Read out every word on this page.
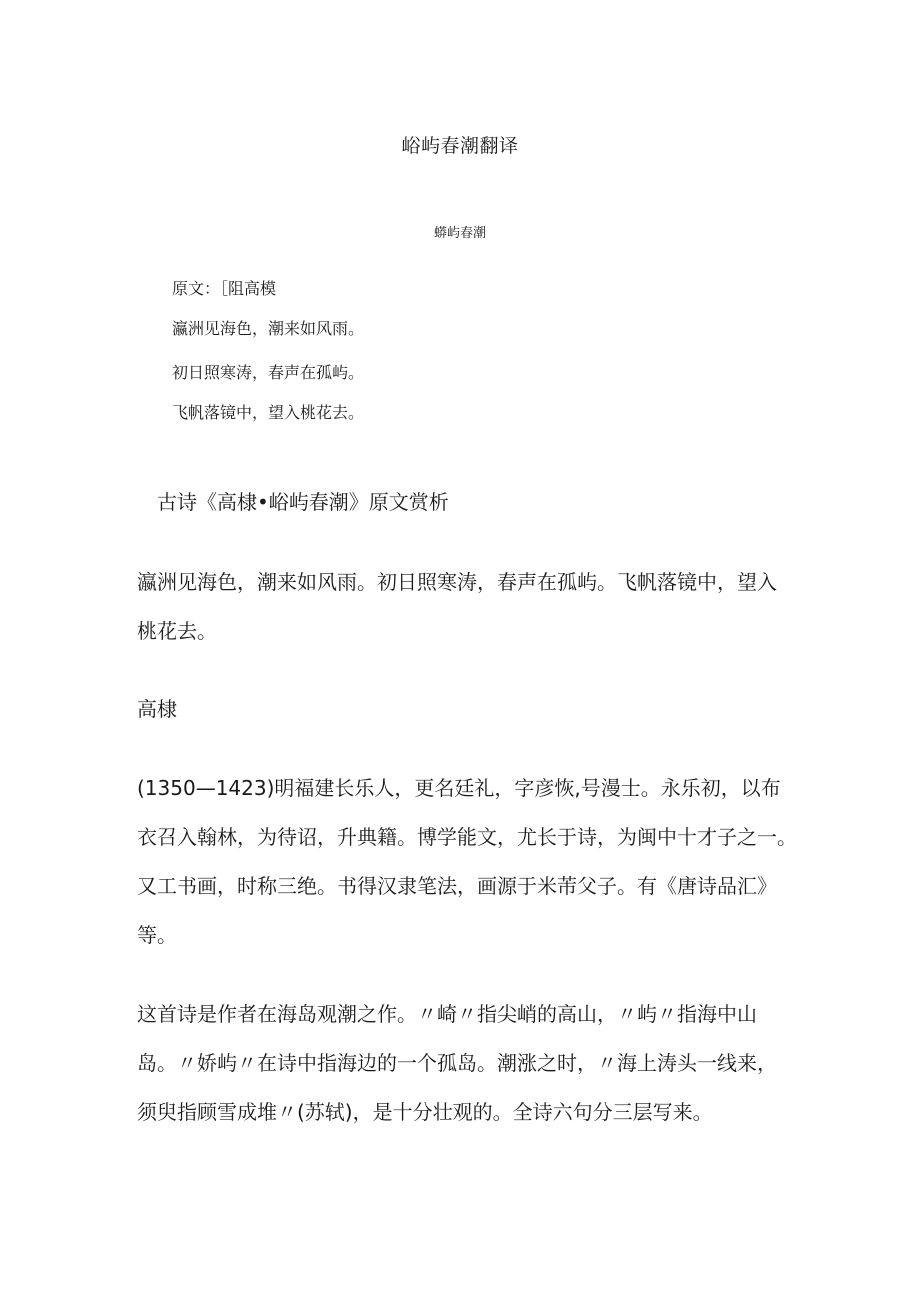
峪屿春潮翻译
蟒屿春潮
原文：［阻高模
瀛洲见海色，潮来如风雨。
初日照寒涛，春声在孤屿。
飞帆落镜中，望入桃花去。
古诗《高棣•峪屿春潮》原文赏析
瀛洲见海色，潮来如风雨。初日照寒涛，春声在孤屿。飞帆落镜中，望入
桃花去。
高棣
(1350—1423)明福建长乐人，更名廷礼，字彦恢,号漫士。永乐初，以布
衣召入翰林，为待诏，升典籍。博学能文，尤长于诗，为闽中十才子之一。
又工书画，时称三绝。书得汉隶笔法，画源于米芾父子。有《唐诗品汇》
等。
这首诗是作者在海岛观潮之作。〃崎〃指尖峭的高山，〃屿〃指海中山
岛。〃娇屿〃在诗中指海边的一个孤岛。潮涨之时，〃海上涛头一线来，
须臾指顾雪成堆〃(苏轼)，是十分壮观的。全诗六句分三层写来。
